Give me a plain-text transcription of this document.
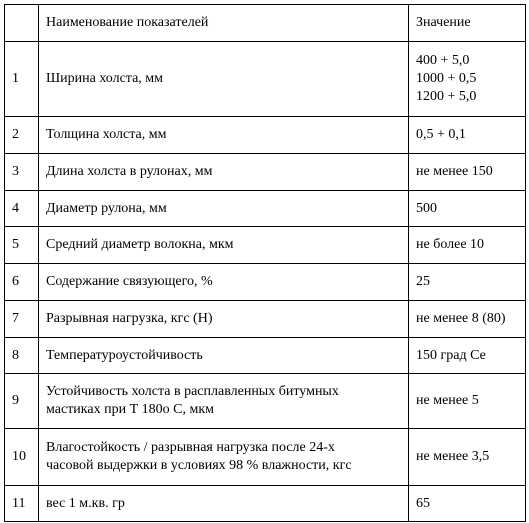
	Наименование показателей	Значение
1	Ширина холста, мм	400 + 5,0
1000 + 0,5
1200 + 5,0

2	Толщина холста, мм	0,5 + 0,1

3	Длина холста в рулонах, мм	не менее 150

4	Диаметр рулона, мм	500

5	Средний диаметр волокна, мкм	не более 10

6	Содержание связующего, %	25

7	Разрывная нагрузка, кгс (Н)	не менее 8 (80)

8	Температуроустойчивость	150 град Се

9	Устойчивость холста в расплавленных битумных
мастиках при Т 180о С, мкм	не менее 5

10	Влагостойкость / разрывная нагрузка после 24-х
часовой выдержки в условиях 98 % влажности, кгс	не менее 3,5

11	вес 1 м.кв. гр	65
